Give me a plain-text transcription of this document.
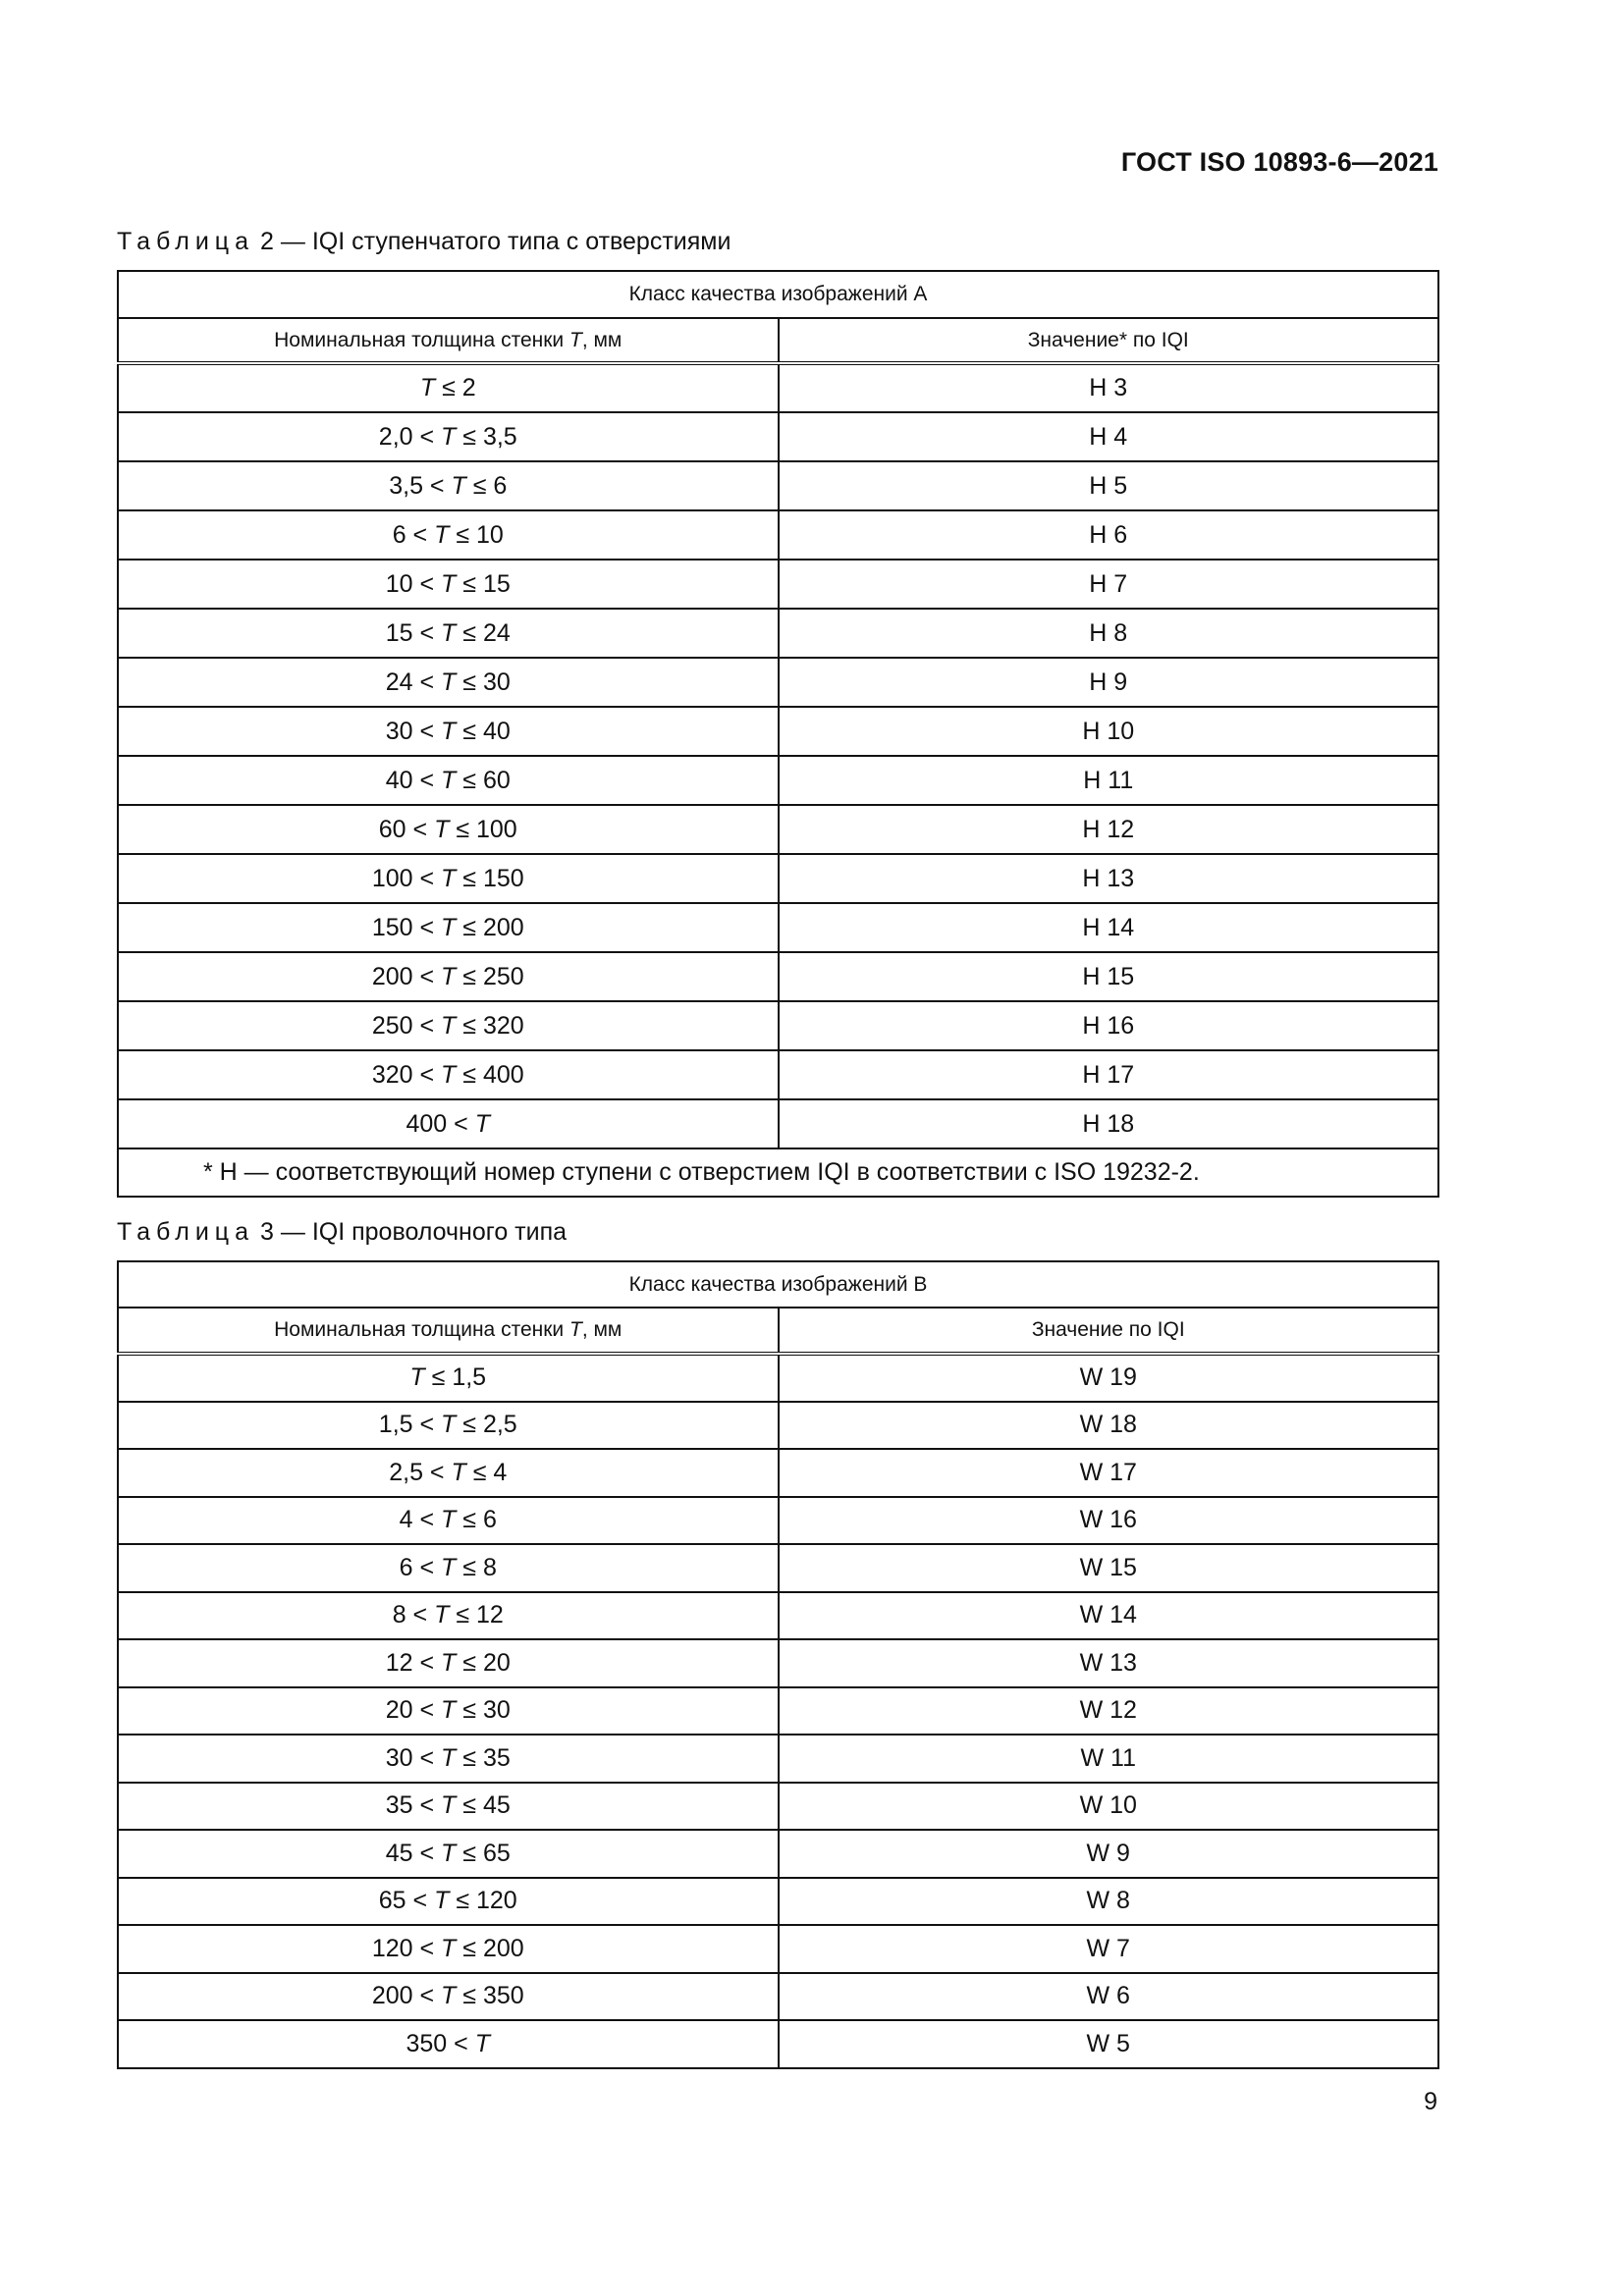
ГОСТ ISO 10893-6—2021
Таблица 2 — IQI ступенчатого типа с отверстиями
Класс качества изображений А	
Номинальная толщина стенки T, мм	Значение* по IQI
T ≤ 2	H 3
2,0 < T ≤ 3,5	H 4
3,5 < T ≤ 6	H 5
6 < T ≤ 10	H 6
10 < T ≤ 15	H 7
15 < T ≤ 24	H 8
24 < T ≤ 30	H 9
30 < T ≤ 40	H 10
40 < T ≤ 60	H 11
60 < T ≤ 100	H 12
100 < T ≤ 150	H 13
150 < T ≤ 200	H 14
200 < T ≤ 250	H 15
250 < T ≤ 320	H 16
320 < T ≤ 400	H 17
400 < T	H 18
* H — соответствующий номер ступени с отверстием IQI в соответствии с ISO 19232-2.	
Таблица 3 — IQI проволочного типа
Класс качества изображений В	
Номинальная толщина стенки T, мм	Значение по IQI
T ≤ 1,5	W 19
1,5 < T ≤ 2,5	W 18
2,5 < T ≤ 4	W 17
4 < T ≤ 6	W 16
6 < T ≤ 8	W 15
8 < T ≤ 12	W 14
12 < T ≤ 20	W 13
20 < T ≤ 30	W 12
30 < T ≤ 35	W 11
35 < T ≤ 45	W 10
45 < T ≤ 65	W 9
65 < T ≤ 120	W 8
120 < T ≤ 200	W 7
200 < T ≤ 350	W 6
350 < T	W 5
9
